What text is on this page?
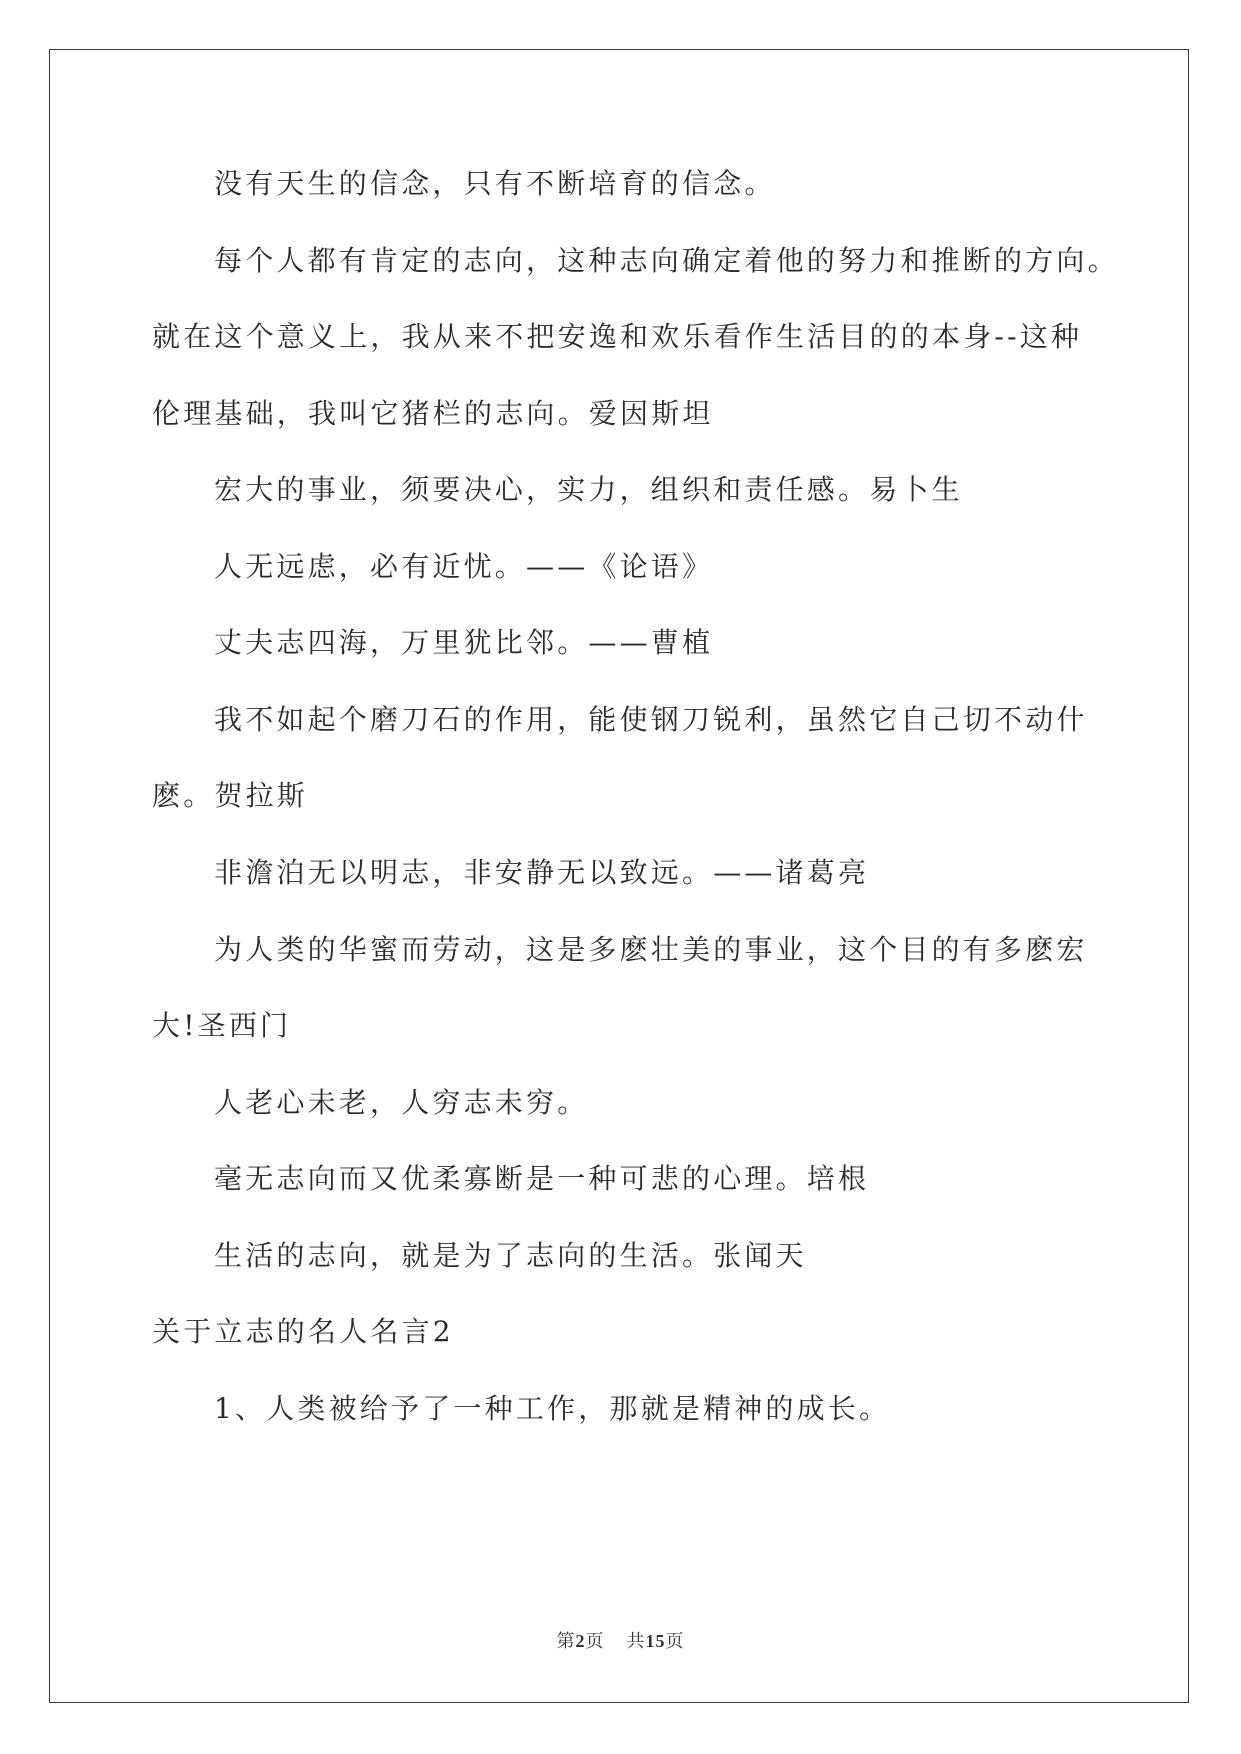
没有天生的信念，只有不断培育的信念。
每个人都有肯定的志向，这种志向确定着他的努力和推断的方向。
就在这个意义上，我从来不把安逸和欢乐看作生活目的的本身--这种
伦理基础，我叫它猪栏的志向。爱因斯坦
宏大的事业，须要决心，实力，组织和责任感。易卜生
人无远虑，必有近忧。——《论语》
丈夫志四海，万里犹比邻。——曹植
我不如起个磨刀石的作用，能使钢刀锐利，虽然它自己切不动什
麽。贺拉斯
非澹泊无以明志，非安静无以致远。——诸葛亮
为人类的华蜜而劳动，这是多麽壮美的事业，这个目的有多麽宏
大!圣西门
人老心未老，人穷志未穷。
毫无志向而又优柔寡断是一种可悲的心理。培根
生活的志向，就是为了志向的生活。张闻天
关于立志的名人名言2
1、人类被给予了一种工作，那就是精神的成长。
第2页 共15页
